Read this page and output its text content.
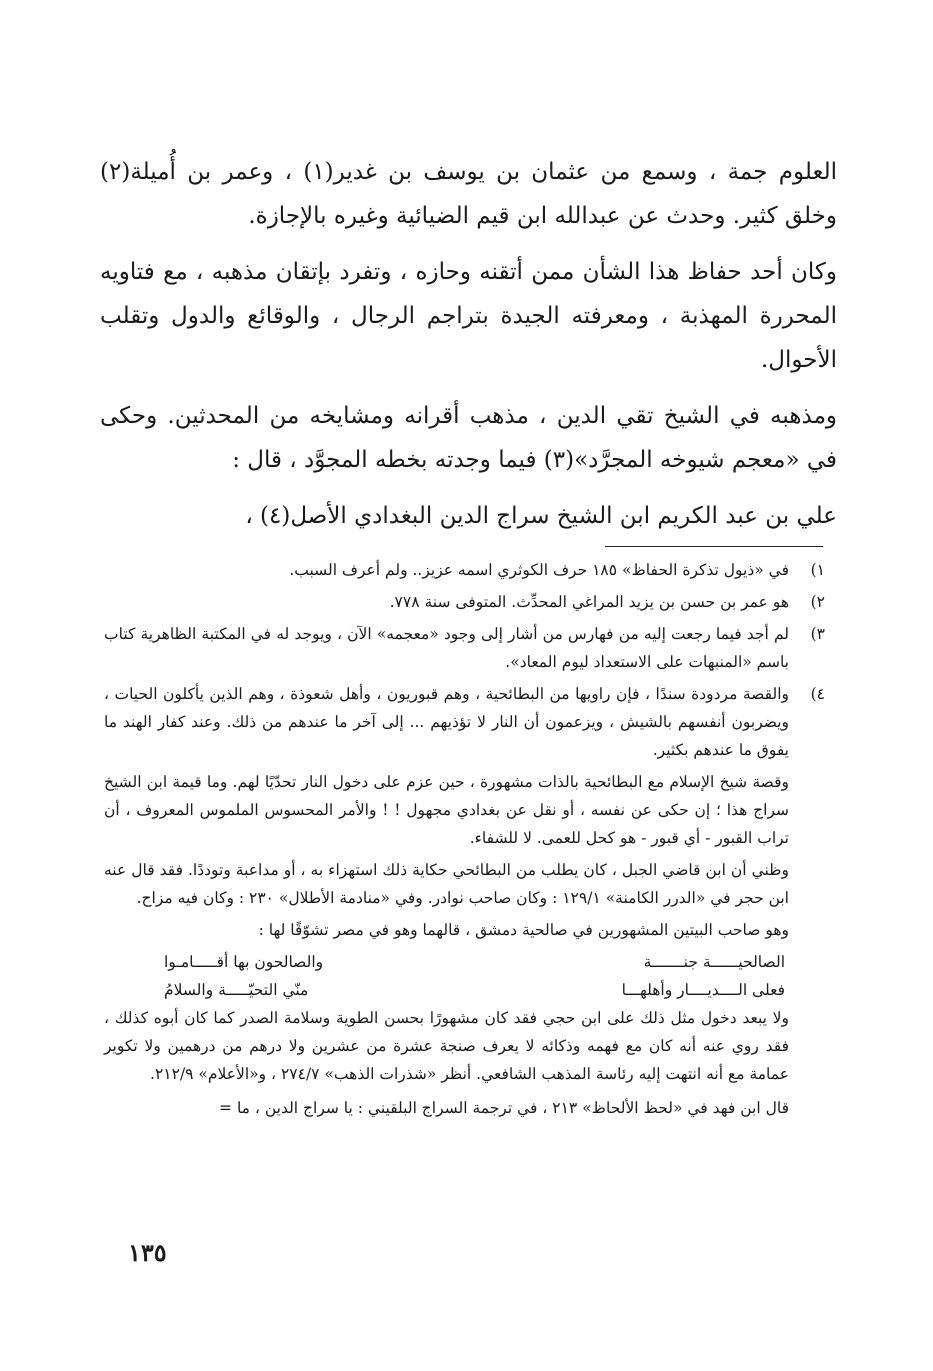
العلوم جمة ، وسمع من عثمان بن يوسف بن غدير(١) ، وعمر بن أُميلة(٢) وخلق كثير. وحدث عن عبدالله ابن قيم الضيائية وغيره بالإجازة.

وكان أحد حفاظ هذا الشأن ممن أتقنه وحازه ، وتفرد بإتقان مذهبه ، مع فتاويه المحررة المهذبة ، ومعرفته الجيدة بتراجم الرجال ، والوقائع والدول وتقلب الأحوال.

ومذهبه في الشيخ تقي الدين ، مذهب أقرانه ومشايخه من المحدثين. وحكى في «معجم شيوخه المجرَّد»(٣) فيما وجدته بخطه المجوَّد ، قال :

علي بن عبد الكريم ابن الشيخ سراج الدين البغدادي الأصل(٤) ،

١)
في «ذيول تذكرة الحفاظ» ١٨٥ حرف الكوثري اسمه عزيز.. ولم أعرف السبب.
٢)
هو عمر بن حسن بن يزيد المراغي المحدِّث. المتوفى سنة ٧٧٨.
٣)
لم أجد فيما رجعت إليه من فهارس من أشار إلى وجود «معجمه» الآن ، ويوجد له في المكتبة الظاهرية كتاب باسم «المنبهات على الاستعداد ليوم المعاد».
٤)
والقصة مردودة سندًا ، فإن راويها من البطائحية ، وهم قبوريون ، وأهل شعوذة ، وهم الذين يأكلون الحيات ، ويضربون أنفسهم بالشيش ، ويزعمون أن النار لا تؤذيهم ... إلى آخر ما عندهم من ذلك. وعند كفار الهند ما يفوق ما عندهم بكثير.
وقصة شيخ الإسلام مع البطائحية بالذات مشهورة ، حين عزم على دخول النار تحدّيًا لهم. وما قيمة ابن الشيخ سراج هذا ؛ إن حكى عن نفسه ، أو نقل عن بغدادي مجهول ! ! والأمر المحسوس الملموس المعروف ، أن تراب القبور - أي قبور - هو كحل للعمى. لا للشفاء.
وظني أن ابن قاضي الجبل ، كان يطلب من البطائحي حكاية ذلك استهزاء به ، أو مداعبة وتوددًا. فقد قال عنه ابن حجر في «الدرر الكامنة» ١٢٩/١ : وكان صاحب نوادر. وفي «منادمة الأطلال» ٢٣٠ : وكان فيه مزاح.
وهو صاحب البيتين المشهورين في صالحية دمشق ، قالهما وهو في مصر تشوّقًا لها :
الصالحيــــــة جنـــــــة
والصالحون بها أقـــــامـوا
فعلى الــــديــــار وأهلهـــا
منّي التحيّـــــة والسلامُ
ولا يبعد دخول مثل ذلك على ابن حجي فقد كان مشهورًا بحسن الطوية وسلامة الصدر كما كان أبوه كذلك ، فقد روي عنه أنه كان مع فهمه وذكائه لا يعرف صنجة عشرة من عشرين ولا درهم من درهمين ولا تكوير عمامة مع أنه انتهت إليه رئاسة المذهب الشافعي. أنظر «شذرات الذهب» ٢٧٤/٧ ، و«الأعلام» ٢١٢/٩.
قال ابن فهد في «لحظ الألحاظ» ٢١٣ ، في ترجمة السراج البلقيني : يا سراج الدين ، ما =
١٣٥
